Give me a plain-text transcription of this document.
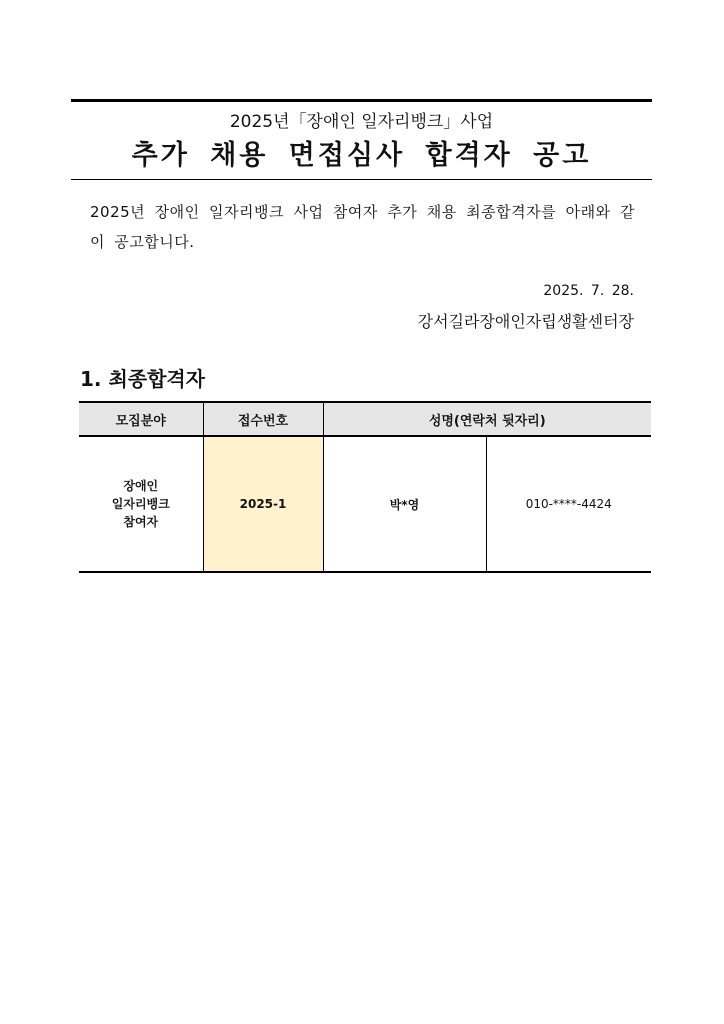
2025년「장애인 일자리뱅크」사업
추가 채용 면접심사 합격자 공고
2025년 장애인 일자리뱅크 사업 참여자 추가 채용 최종합격자를 아래와 같이 공고합니다.
2025. 7. 28.
강서길라장애인자립생활센터장
1. 최종합격자
모집분야	접수번호	성명(연락처 뒷자리)	

장애인
일자리뱅크
참여자	2025-1	박*영	010-****-4424
